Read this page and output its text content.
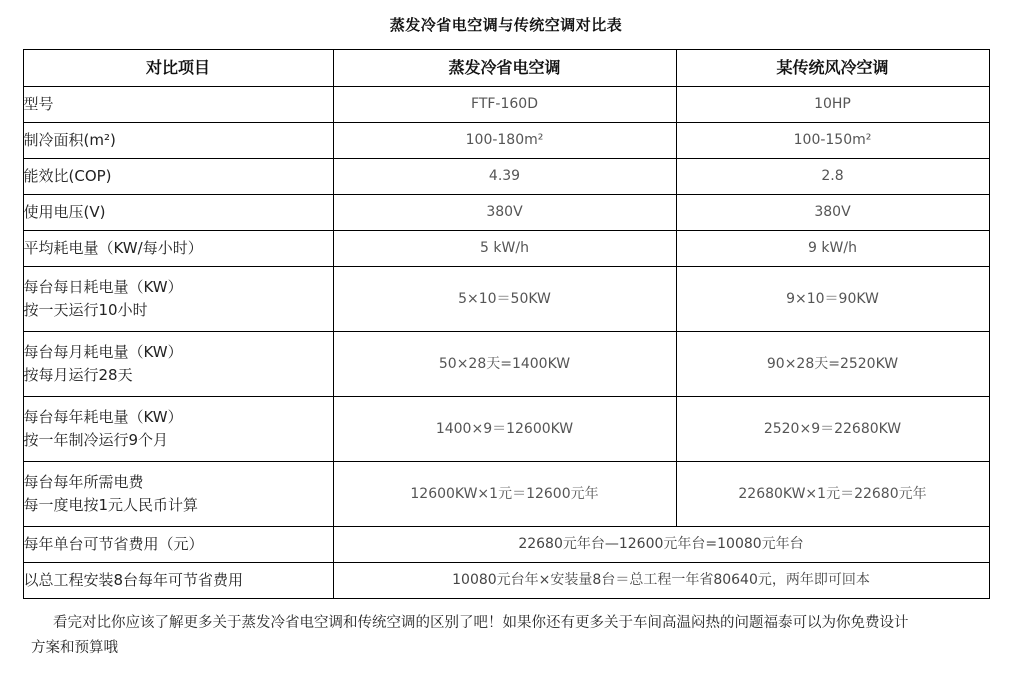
蒸发冷省电空调与传统空调对比表
对比项目	蒸发冷省电空调	某传统风冷空调
型号	FTF-160D	10HP
制冷面积(m²)	100-180m²	100-150m²
能效比(COP)	4.39	2.8
使用电压(V)	380V	380V
平均耗电量（KW/每小时）	5 kW/h	9 kW/h

每台每日耗电量（KW）
按一天运行10小时	5×10＝50KW	9×10＝90KW

每台每月耗电量（KW）
按每月运行28天	50×28天=1400KW	90×28天=2520KW

每台每年耗电量（KW）
按一年制冷运行9个月	1400×9＝12600KW	2520×9＝22680KW

每台每年所需电费
每一度电按1元人民币计算	12600KW×1元＝12600元年	22680KW×1元＝22680元年
每年单台可节省费用（元）	22680元年台—12600元年台=10080元年台	
以总工程安装8台每年可节省费用	10080元台年×安装量8台＝总工程一年省80640元，两年即可回本	
看完对比你应该了解更多关于蒸发冷省电空调和传统空调的区别了吧！如果你还有更多关于车间高温闷热的问题福泰可以为你免费设计
方案和预算哦
